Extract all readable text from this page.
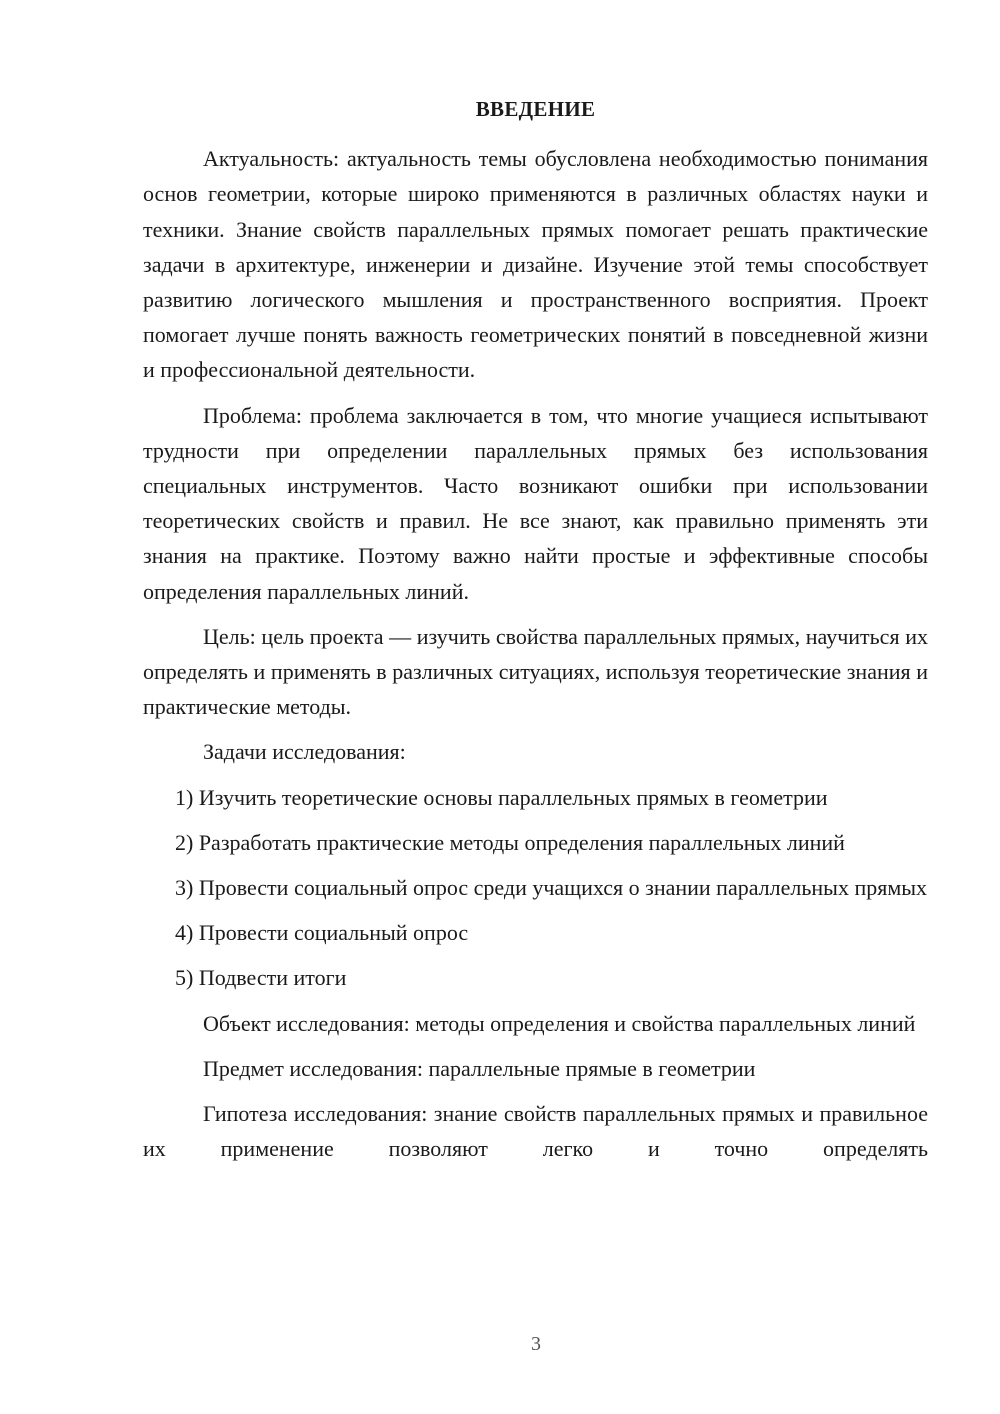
ВВЕДЕНИЕ

Актуальность: актуальность темы обусловлена необходимостью понимания основ геометрии, которые широко применяются в различных областях науки и техники. Знание свойств параллельных прямых помогает решать практические задачи в архитектуре, инженерии и дизайне. Изучение этой темы способствует развитию логического мышления и пространственного восприятия. Проект помогает лучше понять важность геометрических понятий в повседневной жизни и профессиональной деятельности.

Проблема: проблема заключается в том, что многие учащиеся испытывают трудности при определении параллельных прямых без использования специальных инструментов. Часто возникают ошибки при использовании теоретических свойств и правил. Не все знают, как правильно применять эти знания на практике. Поэтому важно найти простые и эффективные способы определения параллельных линий.

Цель: цель проекта — изучить свойства параллельных прямых, научиться их определять и применять в различных ситуациях, используя теоретические знания и практические методы.

Задачи исследования:

1) Изучить теоретические основы параллельных прямых в геометрии

2) Разработать практические методы определения параллельных линий

3) Провести социальный опрос среди учащихся о знании параллельных прямых

4) Провести социальный опрос

5) Подвести итоги

Объект исследования: методы определения и свойства параллельных линий

Предмет исследования: параллельные прямые в геометрии

Гипотеза исследования: знание свойств параллельных прямых и правильное их применение позволяют легко и точно определять

3
